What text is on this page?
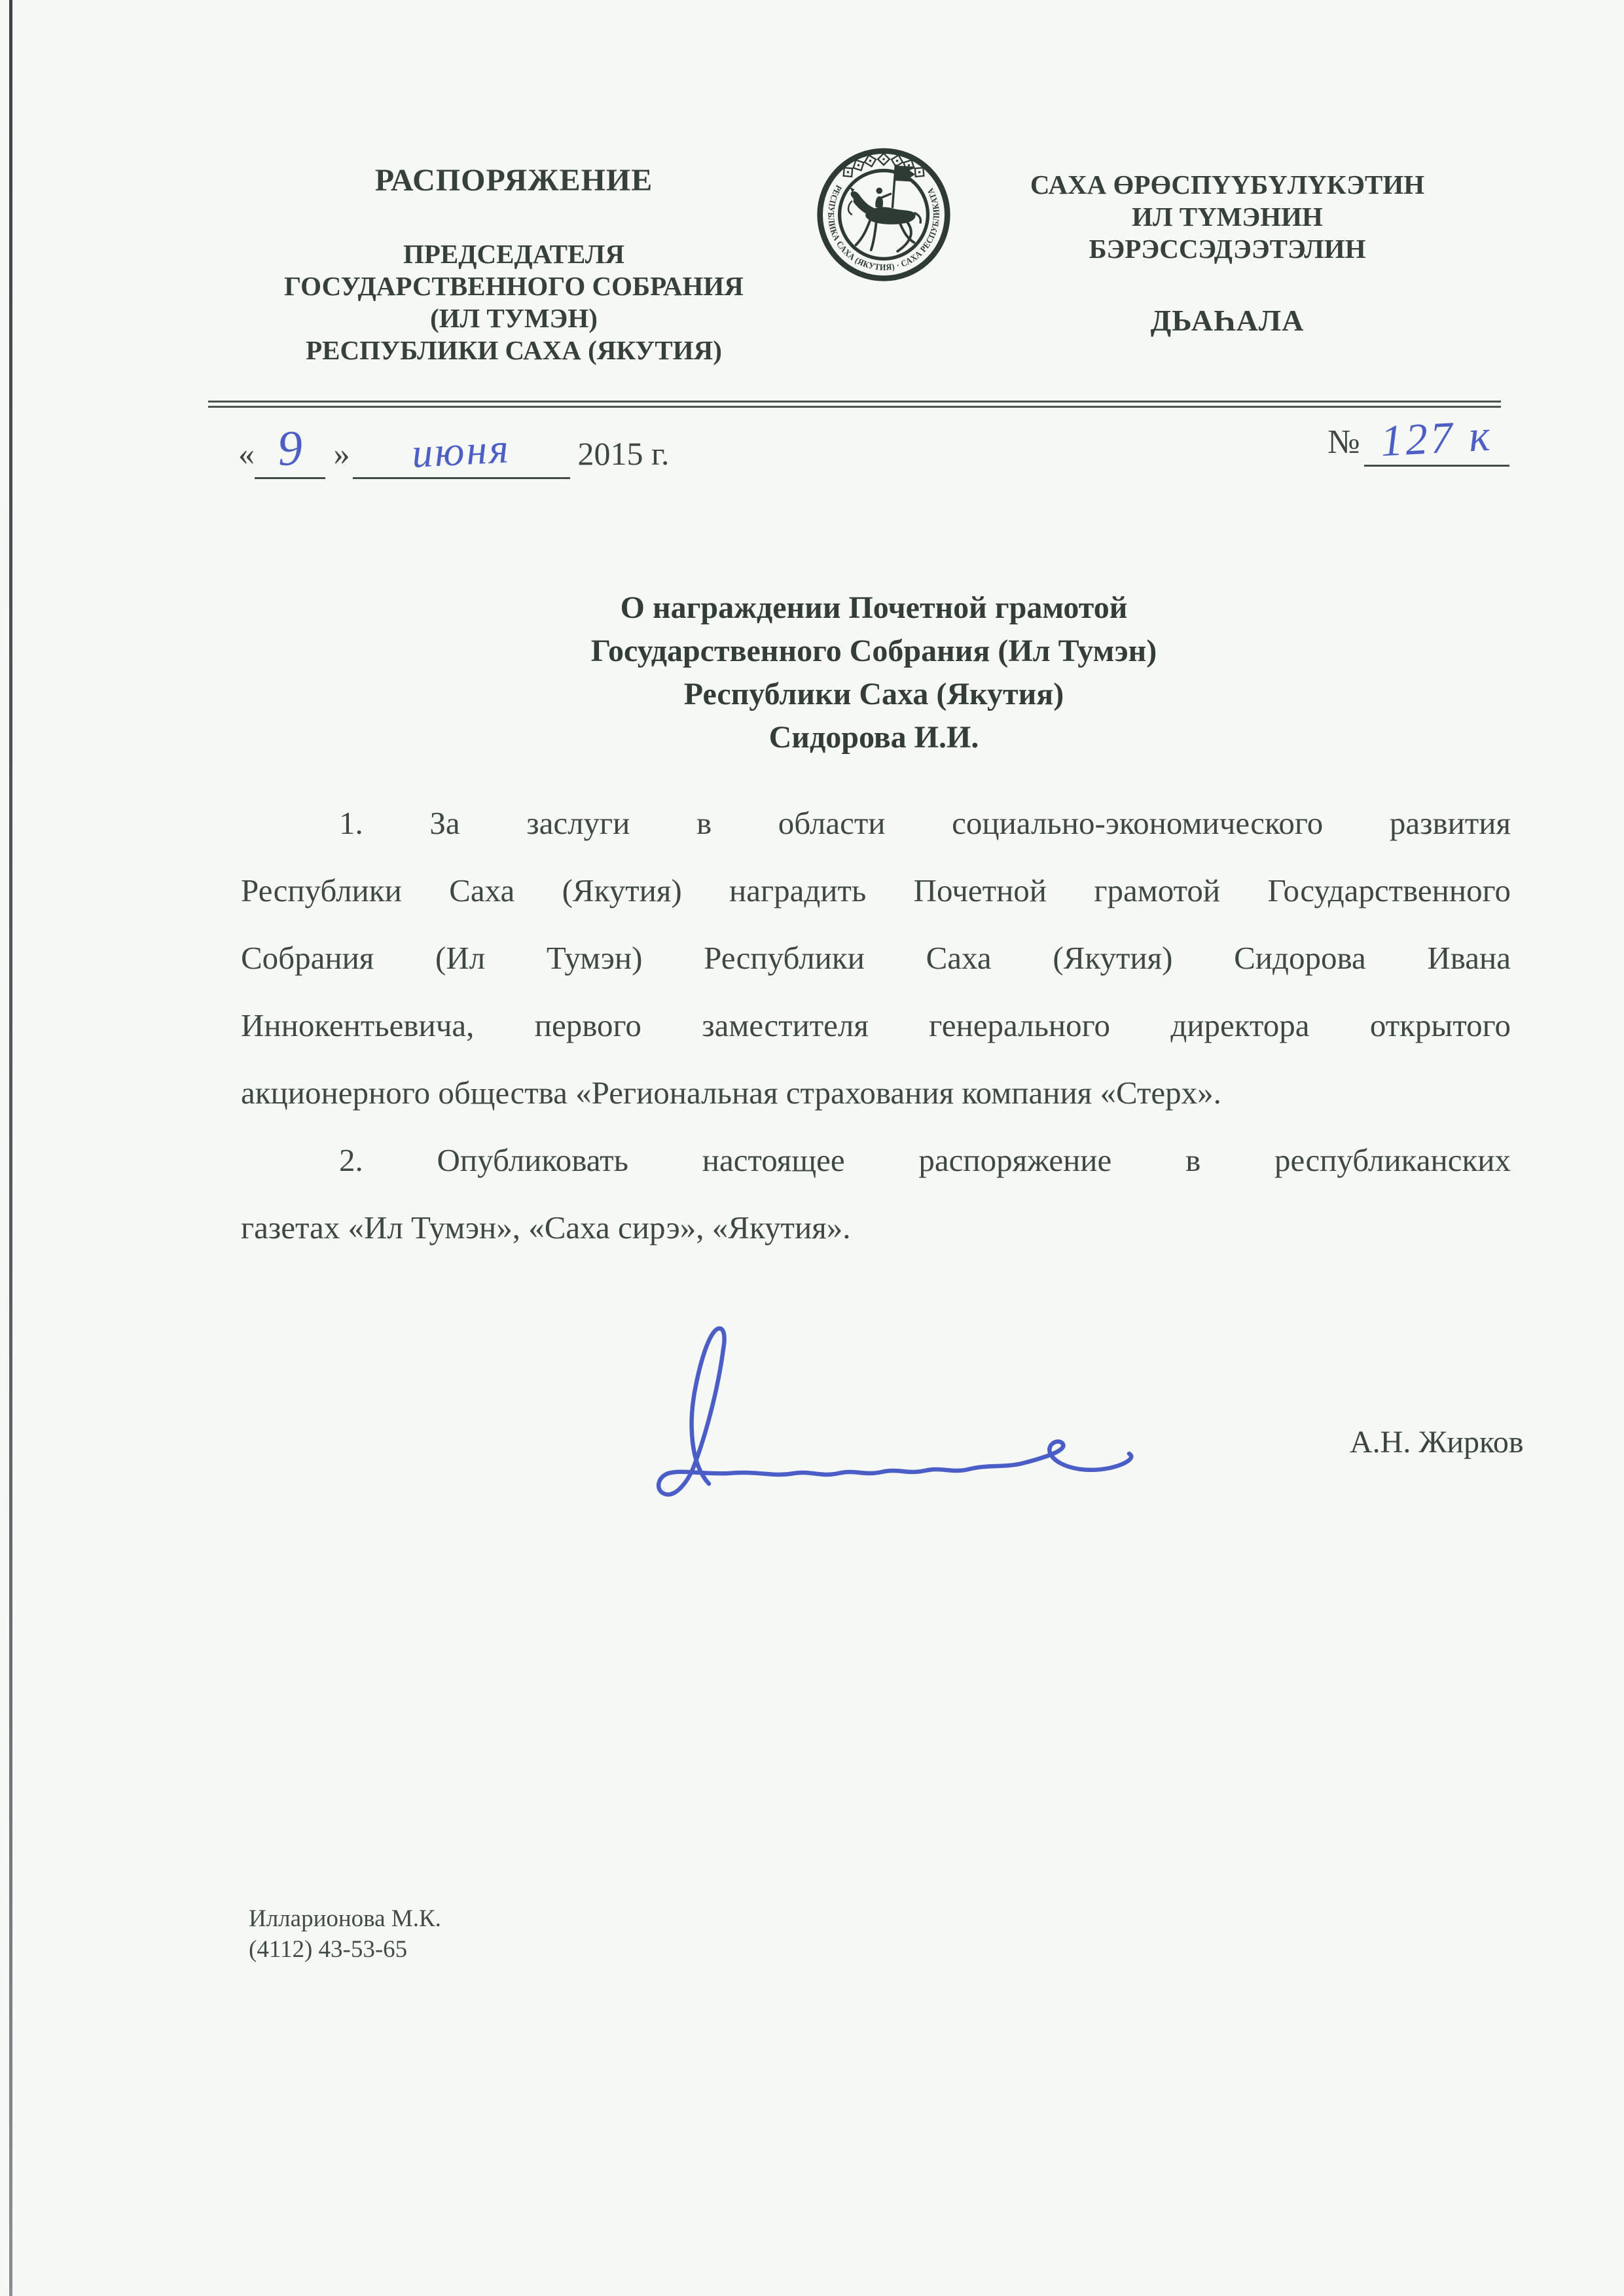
РАСПОРЯЖЕНИЕ
ПРЕДСЕДАТЕЛЯ
ГОСУДАРСТВЕННОГО СОБРАНИЯ
(ИЛ ТУМЭН)
РЕСПУБЛИКИ САХА (ЯКУТИЯ)
РЕСПУБЛИКА САХА (ЯКУТИЯ) · САХА РЕСПУБЛИКАТА	САХА ӨРӨСПҮҮБҮЛҮКЭТИН
ИЛ ТҮМЭНИН
БЭРЭССЭДЭЭТЭЛИН
ДЬАҺАЛА
« 9 » июня 2015 г.	№ 127 к
О награждении Почетной грамотой
Государственного Собрания (Ил Тумэн)
Республики Саха (Якутия)
Сидорова И.И.
1. За заслуги в области социально-экономического развития
Республики Саха (Якутия) наградить Почетной грамотой Государственного
Собрания (Ил Тумэн) Республики Саха (Якутия) Сидорова Ивана
Иннокентьевича, первого заместителя генерального директора открытого
акционерного общества «Региональная страхования компания «Стерх».
2. Опубликовать настоящее распоряжение в республиканских
газетах «Ил Тумэн», «Саха сирэ», «Якутия».
А.Н. Жирков
Илларионова М.К.
(4112) 43-53-65
